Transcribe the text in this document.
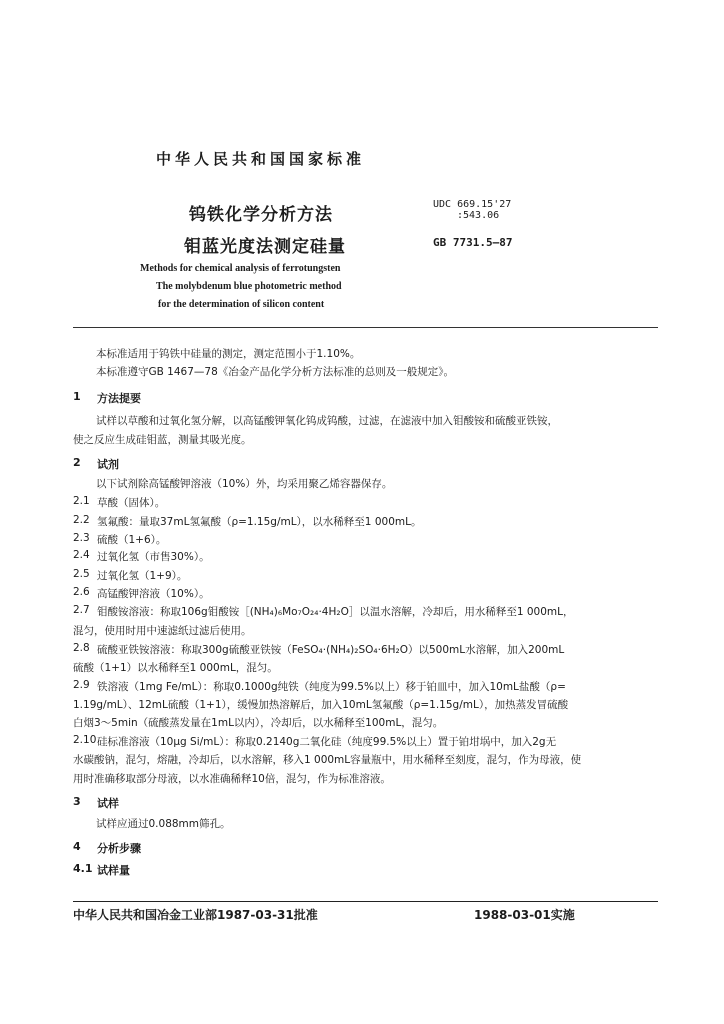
中华人民共和国国家标准
钨铁化学分析方法
钼蓝光度法测定硅量
UDC 669.15'27
:543.06
GB 7731.5—87
Methods for chemical analysis of ferrotungsten
The molybdenum blue photometric method
for the determination of silicon content
本标准适用于钨铁中硅量的测定，测定范围小于1.10%。
本标准遵守GB 1467—78《冶金产品化学分析方法标准的总则及一般规定》。
1 方法提要
试样以草酸和过氧化氢分解，以高锰酸钾氧化钨成钨酸，过滤，在滤液中加入钼酸铵和硫酸亚铁铵，
使之反应生成硅钼蓝，测量其吸光度。
2 试剂
以下试剂除高锰酸钾溶液（10%）外，均采用聚乙烯容器保存。
2.1 草酸（固体）。
2.2 氢氟酸：量取37mL氢氟酸（ρ=1.15g/mL），以水稀释至1 000mL。
2.3 硫酸（1+6）。
2.4 过氧化氢（市售30%）。
2.5 过氧化氢（1+9）。
2.6 高锰酸钾溶液（10%）。
2.7 钼酸铵溶液：称取106g钼酸铵［(NH₄)₆Mo₇O₂₄·4H₂O］以温水溶解，冷却后，用水稀释至1 000mL，
混匀，使用时用中速滤纸过滤后使用。
2.8 硫酸亚铁铵溶液：称取300g硫酸亚铁铵（FeSO₄·(NH₄)₂SO₄·6H₂O）以500mL水溶解，加入200mL
硫酸（1+1）以水稀释至1 000mL，混匀。
2.9 铁溶液（1mg Fe/mL）：称取0.1000g纯铁（纯度为99.5%以上）移于铂皿中，加入10mL盐酸（ρ=
1.19g/mL）、12mL硫酸（1+1），缓慢加热溶解后，加入10mL氢氟酸（ρ=1.15g/mL），加热蒸发冒硫酸
白烟3～5min（硫酸蒸发量在1mL以内），冷却后，以水稀释至100mL，混匀。
2.10 硅标准溶液（10μg Si/mL）：称取0.2140g二氧化硅（纯度99.5%以上）置于铂坩埚中，加入2g无
水碳酸钠，混匀，熔融，冷却后，以水溶解，移入1 000mL容量瓶中，用水稀释至刻度，混匀，作为母液，使
用时准确移取部分母液，以水准确稀释10倍，混匀，作为标准溶液。
3 试样
试样应通过0.088mm筛孔。
4 分析步骤
4.1 试样量
中华人民共和国冶金工业部1987-03-31批准	1988-03-01实施
